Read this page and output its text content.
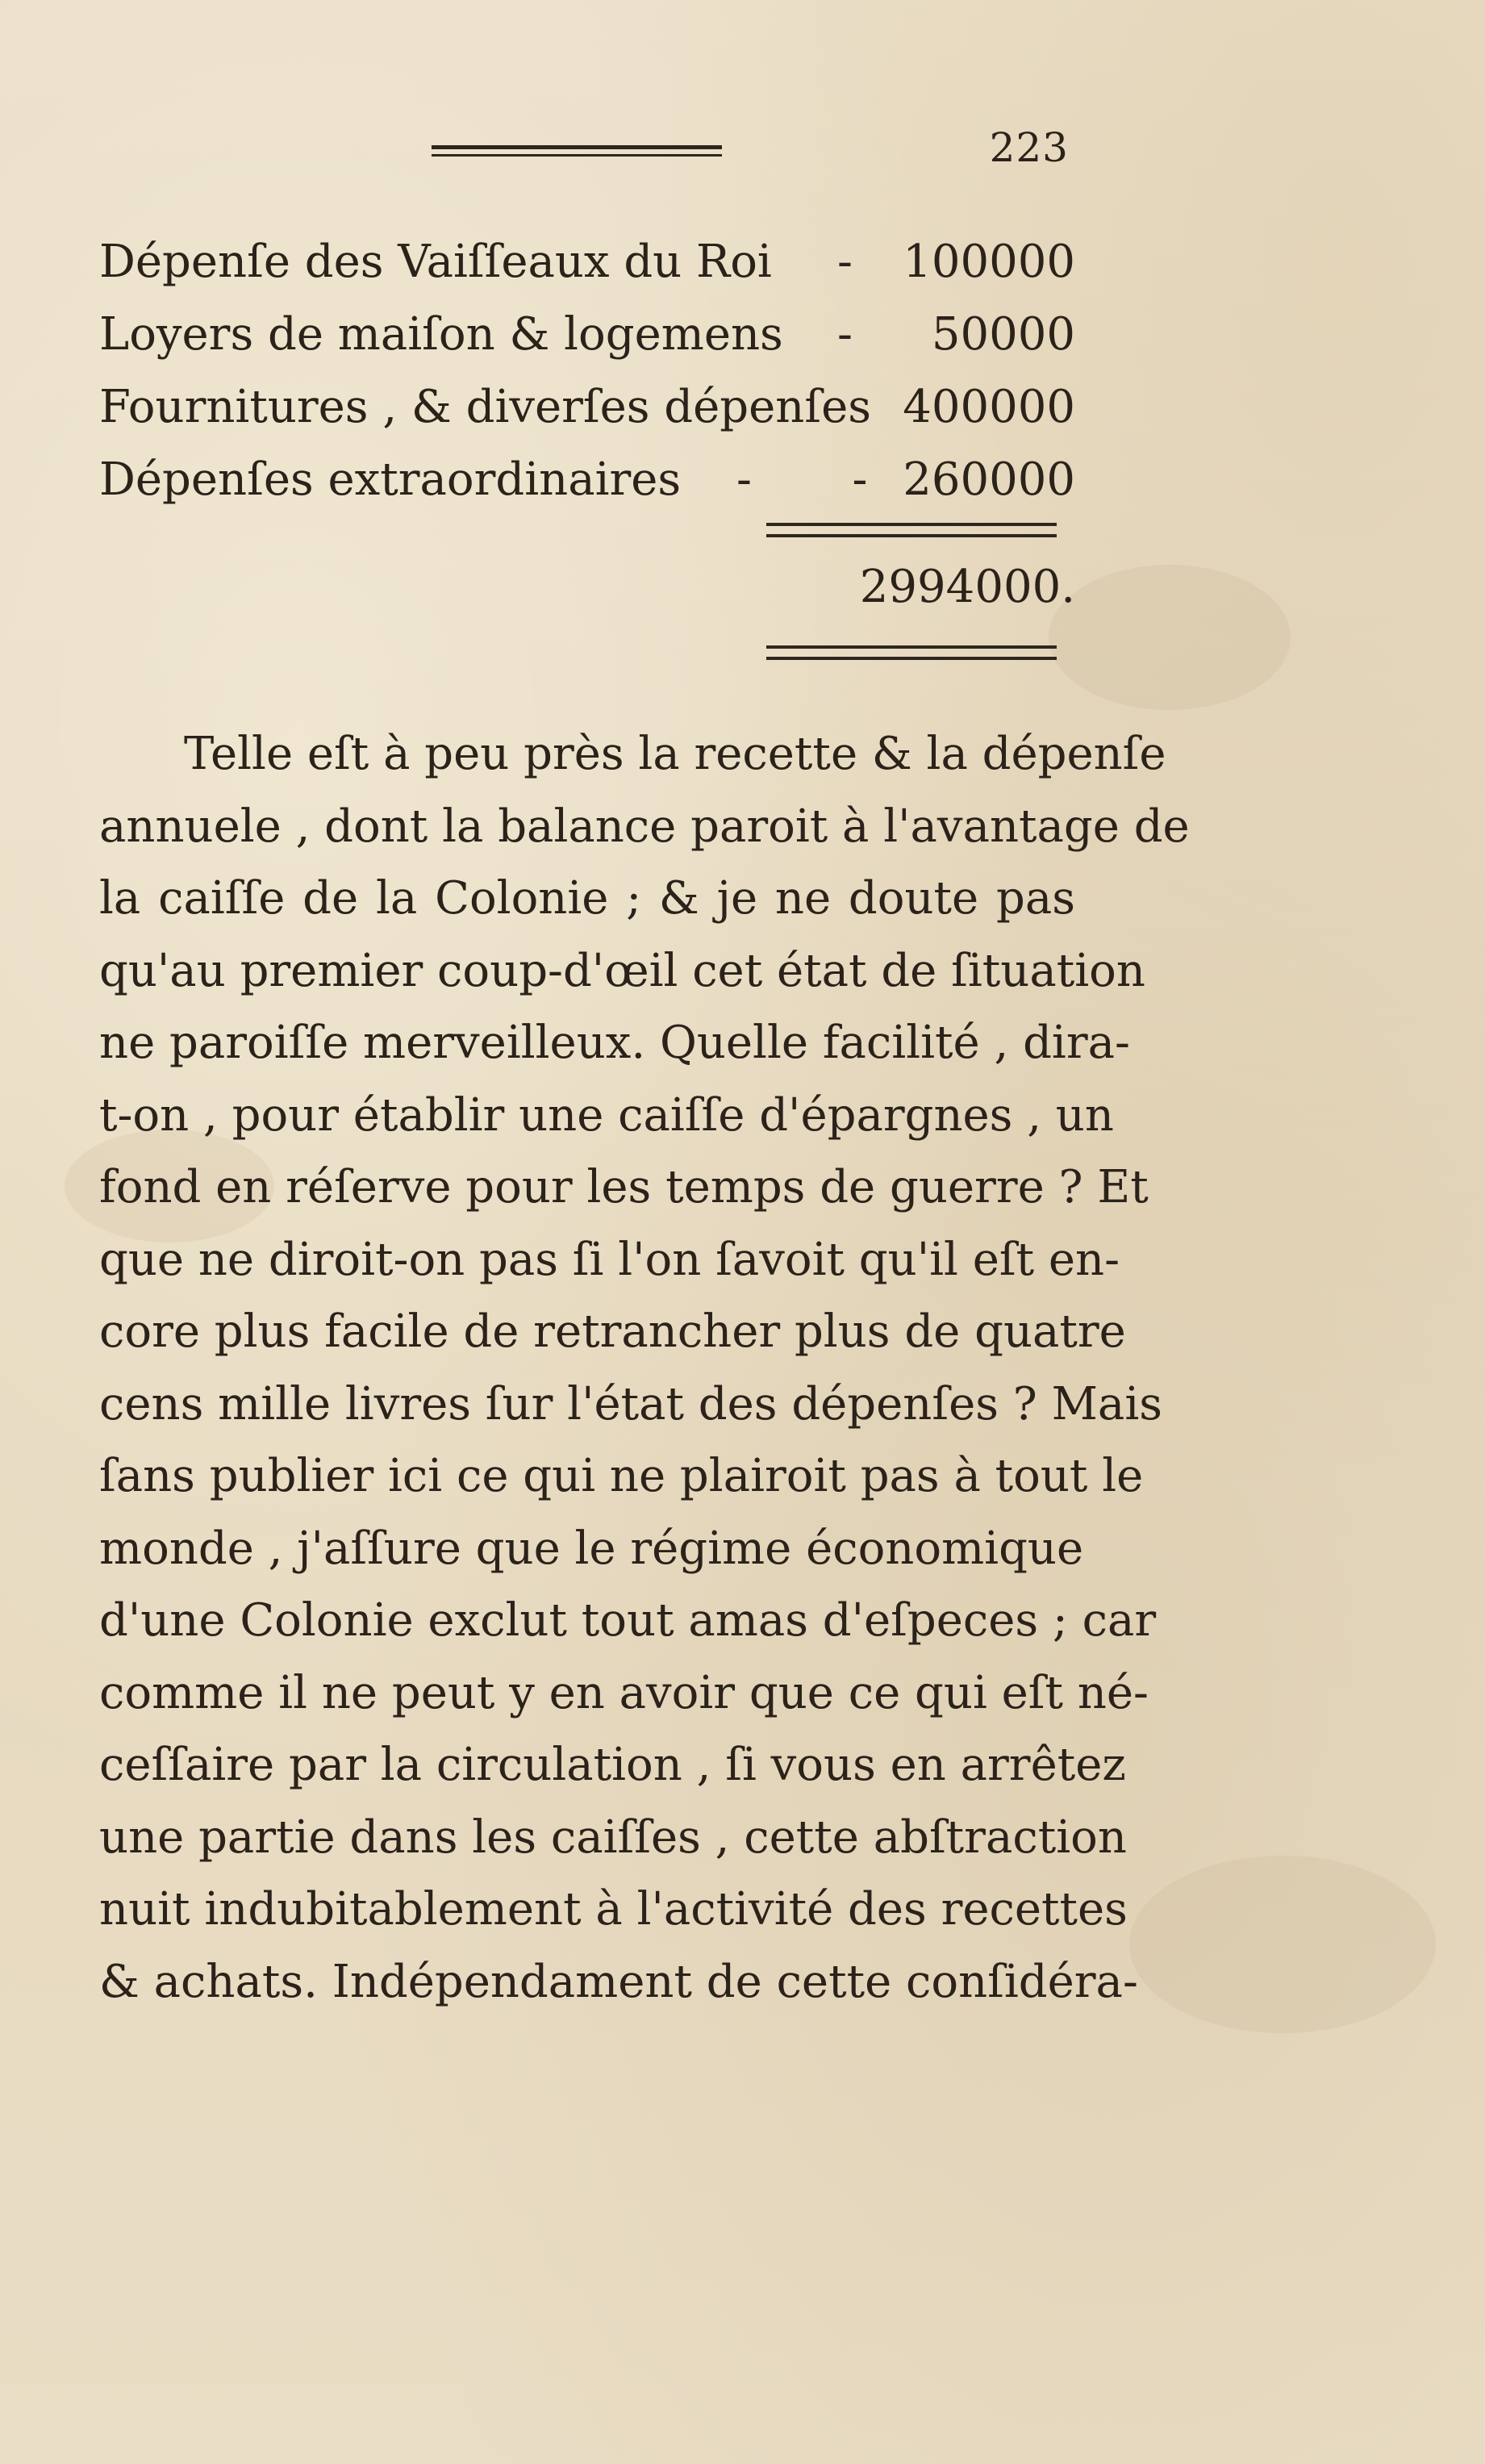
223
Dépenſe des Vaiſſeaux du Roi - 100000
Loyers de maiſon & logemens - 50000
Fournitures , & diverſes dépenſes 400000
Dépenſes extraordinaires -       - 260000
2994000.
Telle eſt à peu près la recette & la dépenſe
annuele , dont la balance paroit à l'avantage de
la caiſſe de la Colonie ; & je ne doute pas
qu'au premier coup-d'œil cet état de ſituation
ne paroiſſe merveilleux. Quelle facilité , dira-
t-on , pour établir une caiſſe d'épargnes , un
fond en réſerve pour les temps de guerre ? Et
que ne diroit-on pas ſi l'on ſavoit qu'il eſt en-
core plus facile de retrancher plus de quatre
cens mille livres ſur l'état des dépenſes ? Mais
ſans publier ici ce qui ne plairoit pas à tout le
monde , j'aſſure que le régime économique
d'une Colonie exclut tout amas d'eſpeces ; car
comme il ne peut y en avoir que ce qui eſt né-
ceſſaire par la circulation , ſi vous en arrêtez
une partie dans les caiſſes , cette abſtraction
nuit indubitablement à l'activité des recettes
& achats. Indépendament de cette conſidéra-
